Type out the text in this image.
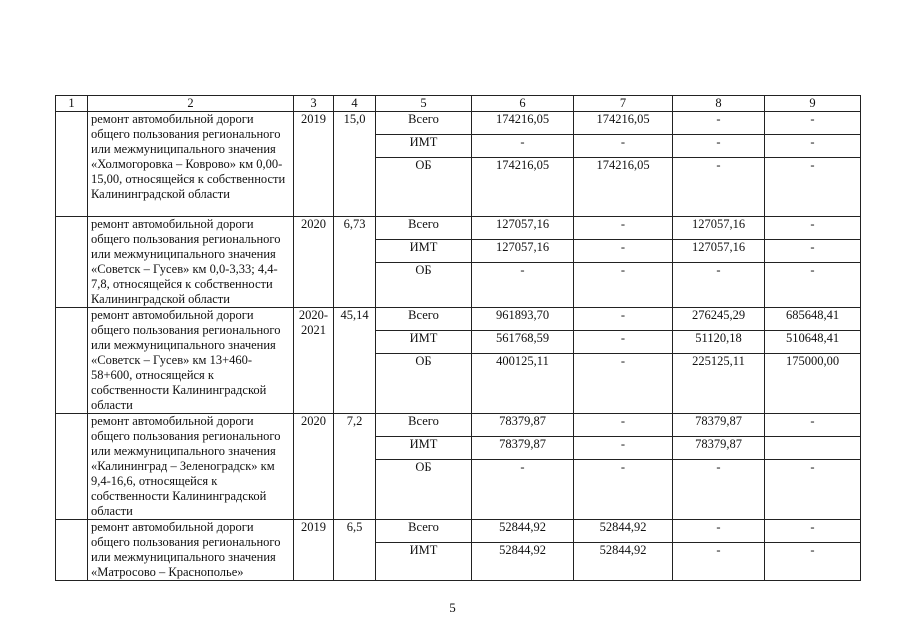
1	2	3	4	5	6	7	8	9
	ремонт автомобильной дороги общего пользования регионального или межмуниципального значения «Холмогоровка – Коврово» км 0,00-15,00, относящейся к собственности Калининградской области	2019	15,0	Всего	174216,05	174216,05	-	-
				ИМТ	-	-	-	-
				ОБ	174216,05	174216,05	-	-
	ремонт автомобильной дороги общего пользования регионального или межмуниципального значения «Советск – Гусев» км 0,0-3,33; 4,4-7,8, относящейся к собственности Калининградской области	2020	6,73	Всего	127057,16	-	127057,16	-
				ИМТ	127057,16	-	127057,16	-
				ОБ	-	-	-	-
	ремонт автомобильной дороги общего пользования регионального или межмуниципального значения «Советск – Гусев» км 13+460-58+600, относящейся к собственности Калининградской области	2020-2021	45,14	Всего	961893,70	-	276245,29	685648,41
				ИМТ	561768,59	-	51120,18	510648,41
				ОБ	400125,11	-	225125,11	175000,00
	ремонт автомобильной дороги общего пользования регионального или межмуниципального значения «Калининград – Зеленоградск» км 9,4-16,6, относящейся к собственности Калининградской области	2020	7,2	Всего	78379,87	-	78379,87	-
				ИМТ	78379,87	-	78379,87	
				ОБ	-	-	-	-
	ремонт автомобильной дороги общего пользования регионального или межмуниципального значения «Матросово – Краснополье»	2019	6,5	Всего	52844,92	52844,92	-	-
				ИМТ	52844,92	52844,92	-	-
5
